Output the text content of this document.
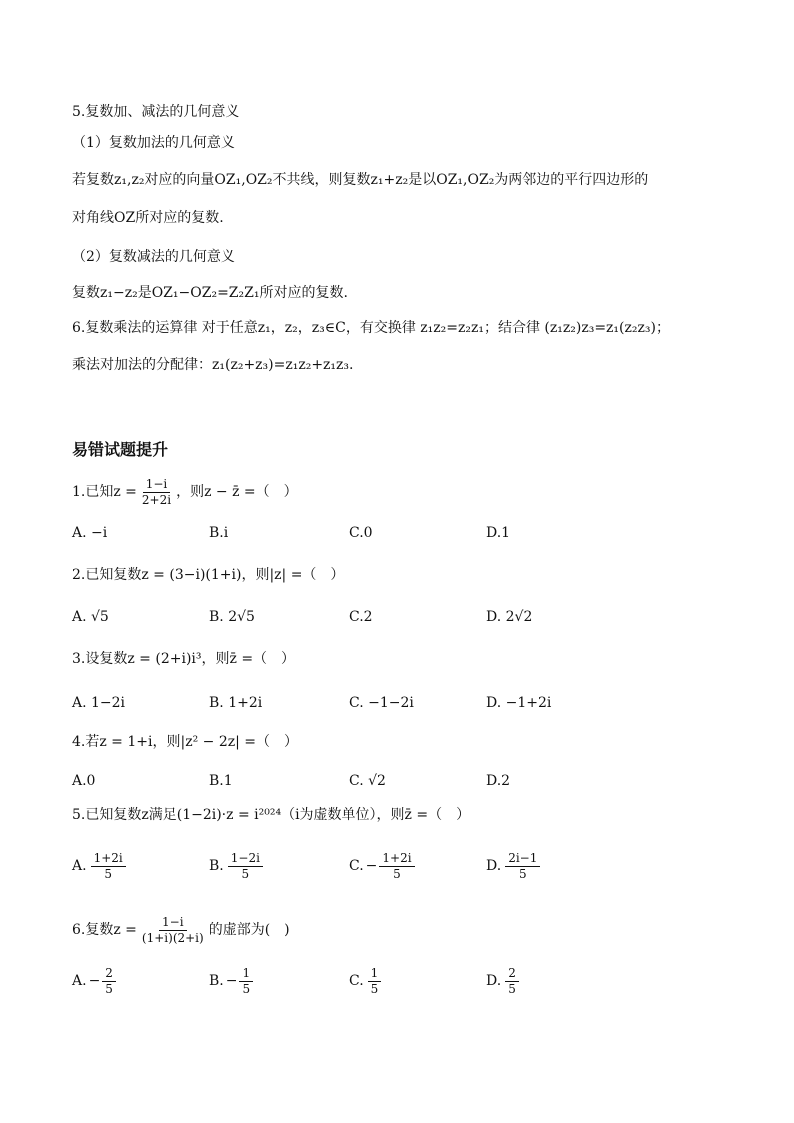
5.复数加、减法的几何意义
（1）复数加法的几何意义
若复数z₁,z₂对应的向量OZ₁,OZ₂不共线，则复数z₁+z₂是以OZ₁,OZ₂为两邻边的平行四边形的
对角线OZ所对应的复数.
（2）复数减法的几何意义
复数z₁−z₂是OZ₁−OZ₂=Z₂Z₁所对应的复数.
6.复数乘法的运算律 对于任意z₁，z₂，z₃∈C，有交换律 z₁z₂=z₂z₁；结合律 (z₁z₂)z₃=z₁(z₂z₃)；
乘法对加法的分配律：z₁(z₂+z₃)=z₁z₂+z₁z₃.
易错试题提升
1.已知 $z = \frac{1-i}{2+2i}$ ，则z − z̄ =（　）
A. −i	B.i	C.0	D.1
2.已知复数z = (3−i)(1+i)，则|z| =（　）
A. √5	B. 2√5	C.2	D. 2√2
3.设复数z = (2+i)i³，则z̄ =（　）
A. 1−2i	B. 1+2i	C. −1−2i	D. −1+2i
4.若z = 1+i，则|z² − 2z| =（　）
A.0	B.1	C. √2	D.2
5.已知复数z满足(1−2i)·z = i²⁰²⁴（i为虚数单位），则z̄ =（　）
A. $\frac{1+2i}{5}$	B. $\frac{1-2i}{5}$	C. − $\frac{1+2i}{5}$	D. $\frac{2i-1}{5}$
6.复数 $z = \frac{1-i}{(1+i)(2+i)}$ 的虚部为(　)
A. − $\frac{2}{5}$	B. − $\frac{1}{5}$	C. $\frac{1}{5}$	D. $\frac{2}{5}$
